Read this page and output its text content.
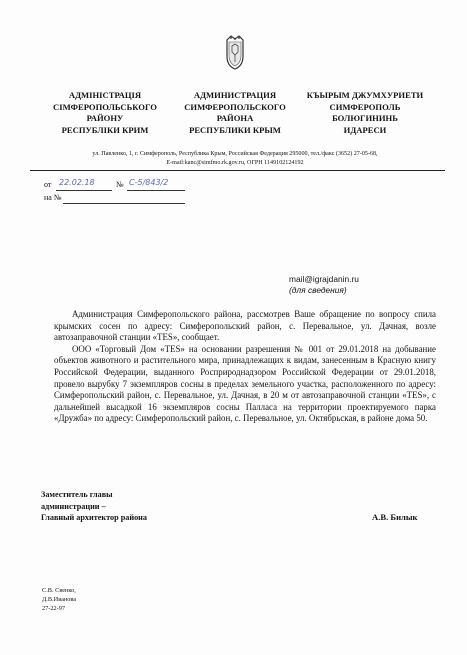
АДМІНІСТРАЦІЯ
СІМФЕРОПОЛЬСЬКОГО
РАЙОНУ
РЕСПУБЛІКИ КРИМ
АДМИНИСТРАЦИЯ
СИМФЕРОПОЛЬСКОГО
РАЙОНА
РЕСПУБЛИКИ КРЫМ
КЪЫРЫМ ДЖУМХУРИЕТИ
СИМФЕРОПОЛЬ
БОЛЮГИНИНЬ
ИДАРЕСИ
ул. Павленко, 1, г. Симферополь, Республика Крым, Российская Федерация 295000, тел./факс (3652) 27-05-68,
E-mail:kanc@simfmo.rk.gov.ru, ОГРН 1149102124192
от 22.02.18	№ С-5/843/2
на №
mail@igrajdanin.ru
(для сведения)

Администрация Симферопольского района, рассмотрев Ваше обращение по вопросу спила крымских сосен по адресу: Симферопольский район, с. Перевальное, ул. Дачная, возле автозаправочной станции «TES», сообщает.

ООО «Торговый Дом «TES» на основании разрешения № 001 от 29.01.2018 на добывание объектов животного и растительного мира, принадлежащих к видам, занесенным в Красную книгу Российской Федерации, выданного Росприроднадзором Российской Федерации от 29.01.2018, провело вырубку 7 экземпляров сосны в пределах земельного участка, расположенного по адресу: Симферопольский район, с. Перевальное, ул. Дачная, в 20 м от автозаправочной станции «TES», с дальнейшей высадкой 16 экземпляров сосны Палласа на территории проектируемого парка «Дружба» по адресу: Симферопольский район, с. Перевальное, ул. Октябрьская, в районе дома 50.

Заместитель главы
администрации –
Главный архитектор района	А.В. Билык
С.В. Свенко,
Д.В.Иванова
27-22-97
